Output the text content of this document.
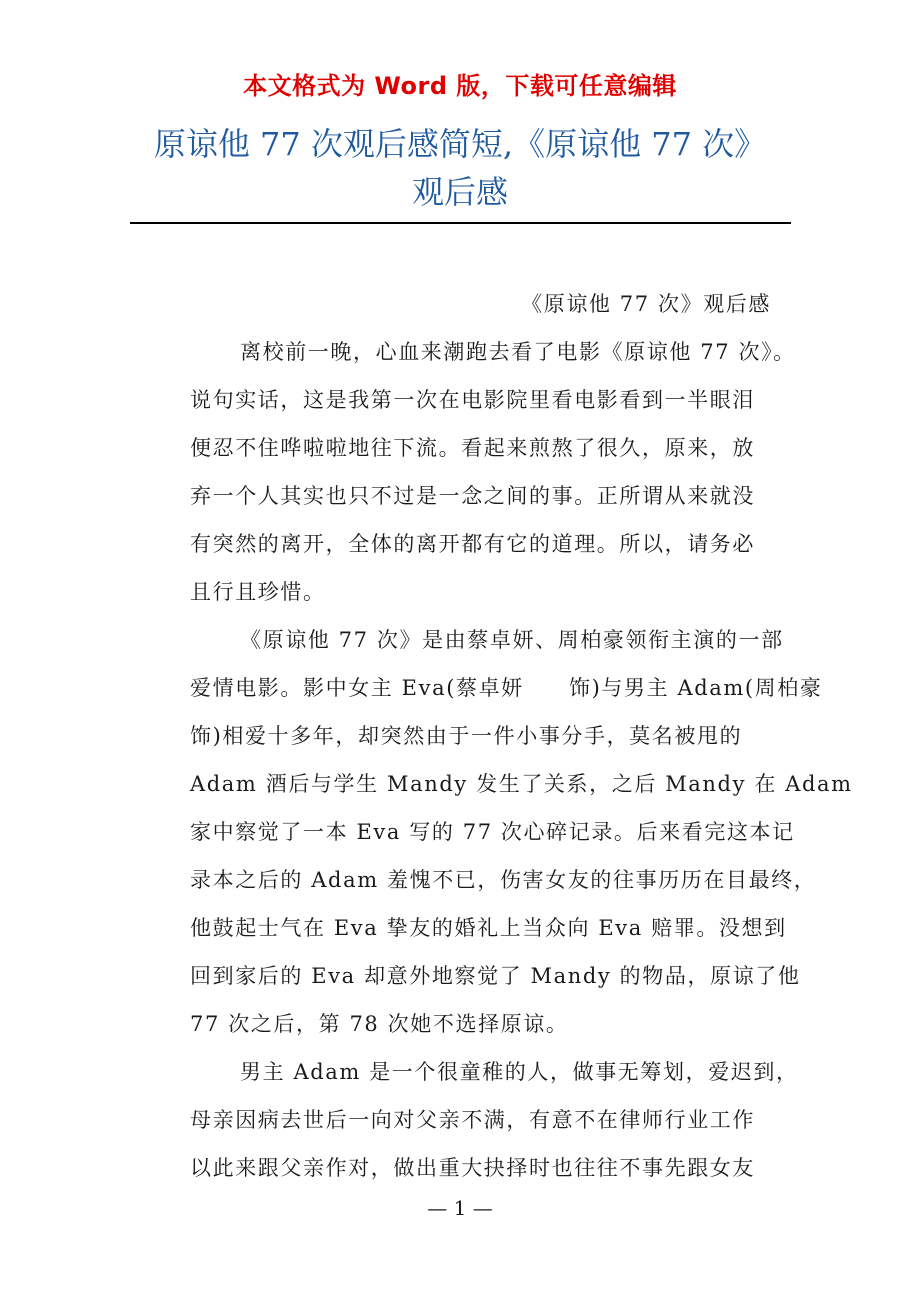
本文格式为 Word 版，下载可任意编辑
原谅他 77 次观后感简短,《原谅他 77 次》
观后感
《原谅他 77 次》观后感
离校前一晚，心血来潮跑去看了电影《原谅他 77 次》。
说句实话，这是我第一次在电影院里看电影看到一半眼泪
便忍不住哗啦啦地往下流。看起来煎熬了很久，原来，放
弃一个人其实也只不过是一念之间的事。正所谓从来就没
有突然的离开，全体的离开都有它的道理。所以，请务必
且行且珍惜。
《原谅他 77 次》是由蔡卓妍、周柏豪领衔主演的一部
爱情电影。影中女主 Eva(蔡卓妍　　饰)与男主 Adam(周柏豪
饰)相爱十多年，却突然由于一件小事分手，莫名被甩的
Adam 酒后与学生 Mandy 发生了关系，之后 Mandy 在 Adam
家中察觉了一本 Eva 写的 77 次心碎记录。后来看完这本记
录本之后的 Adam 羞愧不已，伤害女友的往事历历在目最终，
他鼓起士气在 Eva 挚友的婚礼上当众向 Eva 赔罪。没想到
回到家后的 Eva 却意外地察觉了 Mandy 的物品，原谅了他
77 次之后，第 78 次她不选择原谅。
男主 Adam 是一个很童稚的人，做事无筹划，爱迟到，
母亲因病去世后一向对父亲不满，有意不在律师行业工作
以此来跟父亲作对，做出重大抉择时也往往不事先跟女友
— 1 —
